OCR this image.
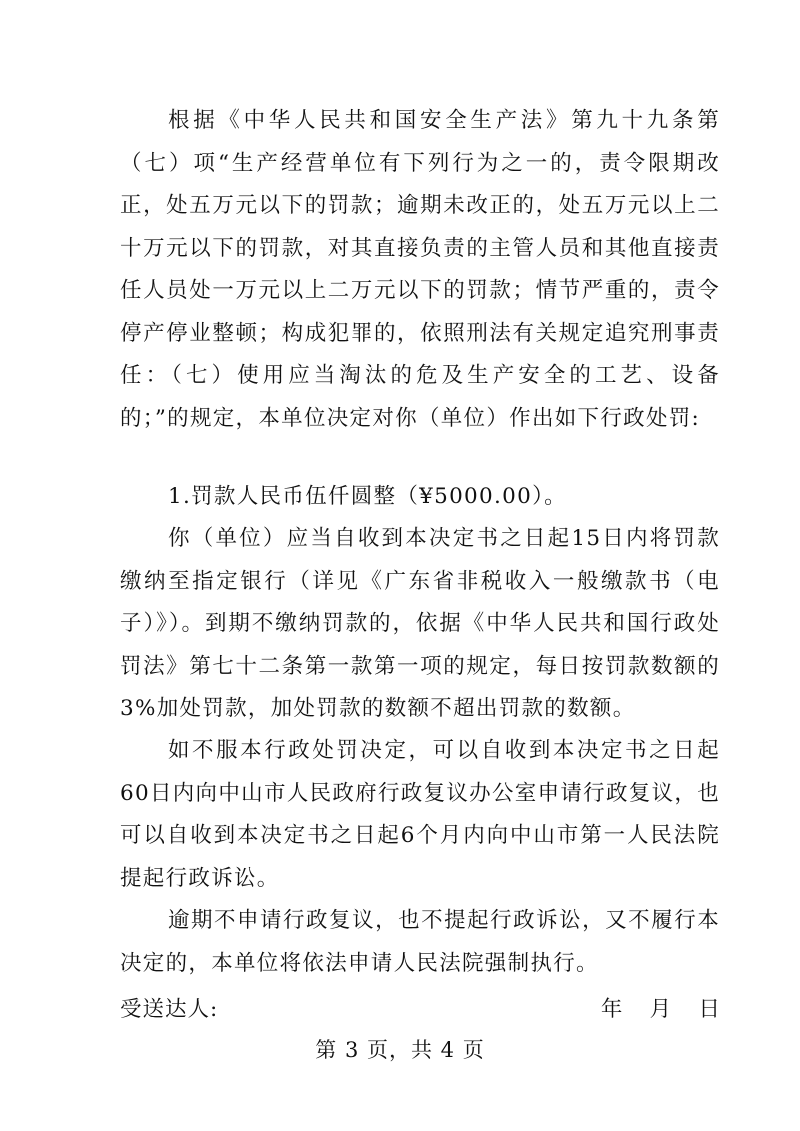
根据《中华人民共和国安全生产法》第九十九条第（七）项“生产经营单位有下列行为之一的，责令限期改正，处五万元以下的罚款；逾期未改正的，处五万元以上二十万元以下的罚款，对其直接负责的主管人员和其他直接责任人员处一万元以上二万元以下的罚款；情节严重的，责令停产停业整顿；构成犯罪的，依照刑法有关规定追究刑事责任：（七）使用应当淘汰的危及生产安全的工艺、设备的；”的规定，本单位决定对你（单位）作出如下行政处罚:

1.罚款人民币伍仟圆整（¥5000.00）。

你（单位）应当自收到本决定书之日起15日内将罚款缴纳至指定银行（详见《广东省非税收入一般缴款书（电子）》）。到期不缴纳罚款的，依据《中华人民共和国行政处罚法》第七十二条第一款第一项的规定，每日按罚款数额的3%加处罚款，加处罚款的数额不超出罚款的数额。

如不服本行政处罚决定，可以自收到本决定书之日起60日内向中山市人民政府行政复议办公室申请行政复议，也可以自收到本决定书之日起6个月内向中山市第一人民法院提起行政诉讼。

逾期不申请行政复议，也不提起行政诉讼，又不履行本决定的，本单位将依法申请人民法院强制执行。

受送达人:	年    月    日
第 3 页，共 4 页
